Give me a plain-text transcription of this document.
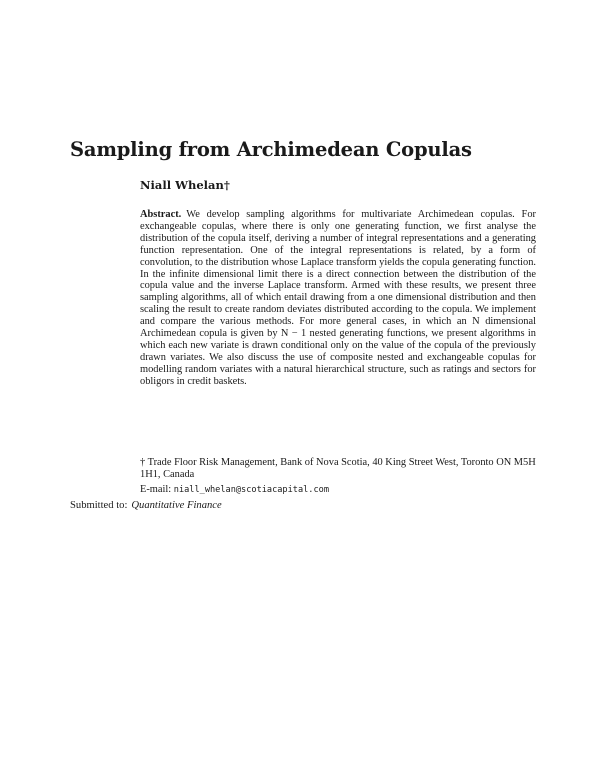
Sampling from Archimedean Copulas
Niall Whelan†

Abstract. We develop sampling algorithms for multivariate Archimedean copulas. For exchangeable copulas, where there is only one generating function, we first analyse the distribution of the copula itself, deriving a number of integral representations and a generating function representation. One of the integral representations is related, by a form of convolution, to the distribution whose Laplace transform yields the copula generating function. In the infinite dimensional limit there is a direct connection between the distribution of the copula value and the inverse Laplace transform. Armed with these results, we present three sampling algorithms, all of which entail drawing from a one dimensional distribution and then scaling the result to create random deviates distributed according to the copula. We implement and compare the various methods. For more general cases, in which an N dimensional Archimedean copula is given by N − 1 nested generating functions, we present algorithms in which each new variate is drawn conditional only on the value of the copula of the previously drawn variates. We also discuss the use of composite nested and exchangeable copulas for modelling random variates with a natural hierarchical structure, such as ratings and sectors for obligors in credit baskets.

† Trade Floor Risk Management, Bank of Nova Scotia, 40 King Street West, Toronto ON M5H 1H1, Canada

E-mail: niall_whelan@scotiacapital.com

Submitted to: Quantitative Finance
